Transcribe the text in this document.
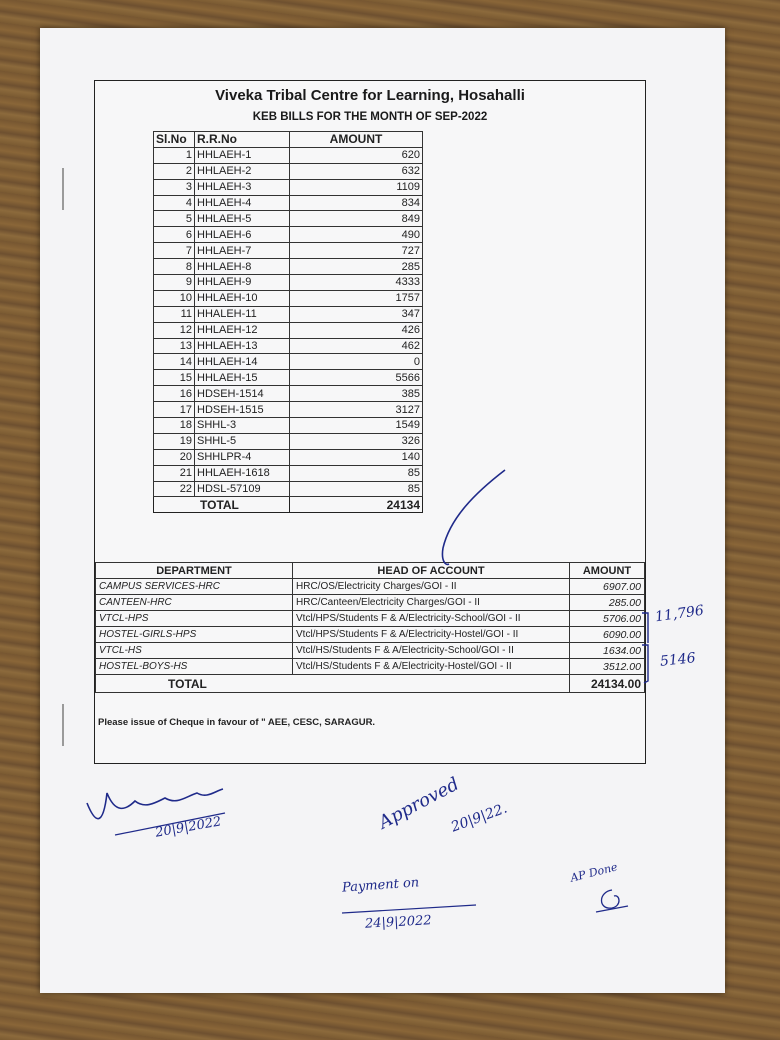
Viveka Tribal Centre for Learning, Hosahalli
KEB BILLS FOR THE MONTH OF SEP-2022
Sl.No	R.R.No	AMOUNT
1	HHLAEH-1	620
2	HHLAEH-2	632
3	HHLAEH-3	1109
4	HHLAEH-4	834
5	HHLAEH-5	849
6	HHLAEH-6	490
7	HHLAEH-7	727
8	HHLAEH-8	285
9	HHLAEH-9	4333
10	HHLAEH-10	1757
11	HHALEH-11	347
12	HHLAEH-12	426
13	HHLAEH-13	462
14	HHLAEH-14	0
15	HHLAEH-15	5566
16	HDSEH-1514	385
17	HDSEH-1515	3127
18	SHHL-3	1549
19	SHHL-5	326
20	SHHLPR-4	140
21	HHLAEH-1618	85
22	HDSL-57109	85
TOTAL		24134
DEPARTMENT	HEAD OF ACCOUNT	AMOUNT
CAMPUS SERVICES-HRC	HRC/OS/Electricity Charges/GOI - II	6907.00
CANTEEN-HRC	HRC/Canteen/Electricity Charges/GOI - II	285.00
VTCL-HPS	Vtcl/HPS/Students F & A/Electricity-School/GOI - II	5706.00
HOSTEL-GIRLS-HPS	Vtcl/HPS/Students F & A/Electricity-Hostel/GOI - II	6090.00
VTCL-HS	Vtcl/HS/Students F & A/Electricity-School/GOI - II	1634.00
HOSTEL-BOYS-HS	Vtcl/HS/Students F & A/Electricity-Hostel/GOI - II	3512.00
TOTAL		24134.00
Please issue of Cheque in favour of " AEE, CESC, SARAGUR.
11,796
5146
20|9|2022	Approved
20|9|22.
Payment on
24|9|2022
AP Done
